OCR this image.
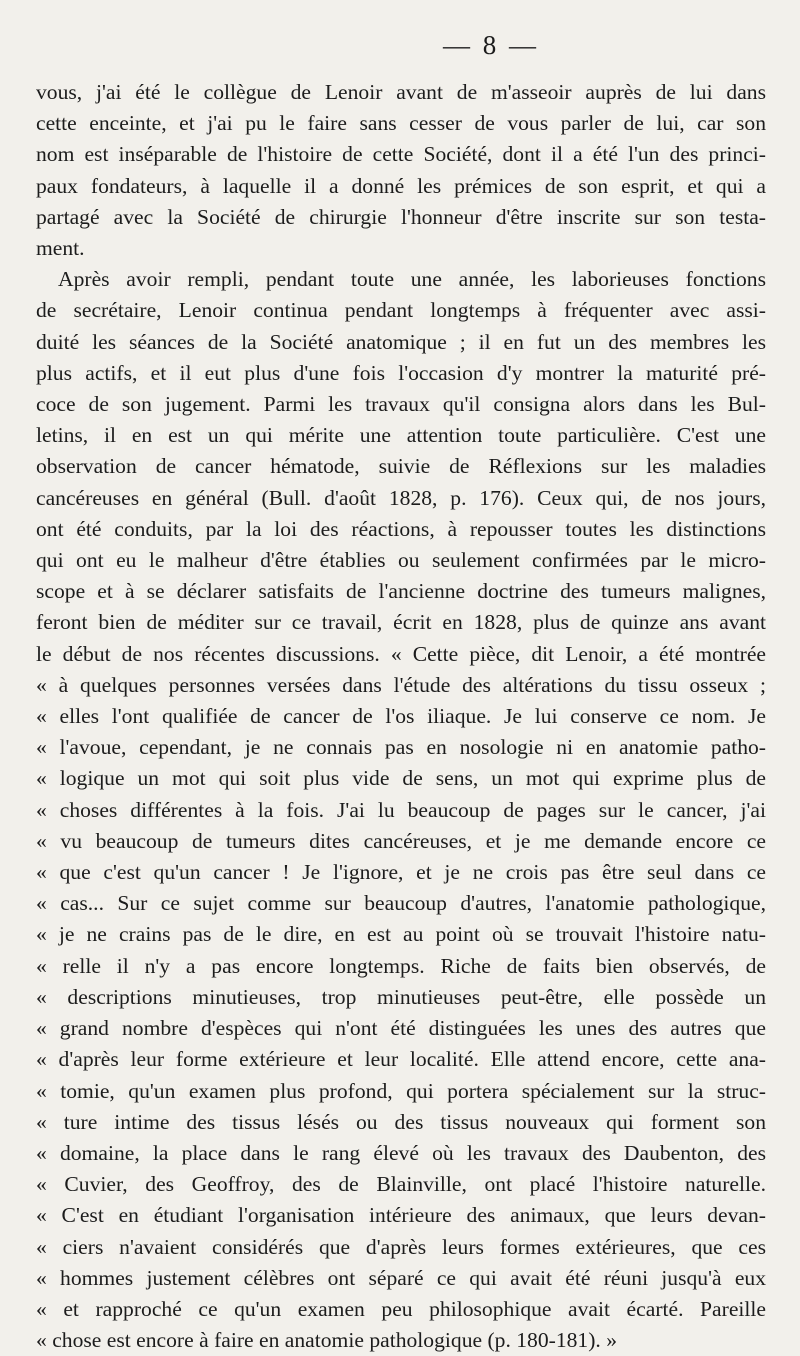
— 8 —
vous, j'ai été le collègue de Lenoir avant de m'asseoir auprès de lui dans
cette enceinte, et j'ai pu le faire sans cesser de vous parler de lui, car son
nom est inséparable de l'histoire de cette Société, dont il a été l'un des princi-
paux fondateurs, à laquelle il a donné les prémices de son esprit, et qui a
partagé avec la Société de chirurgie l'honneur d'être inscrite sur son testa-
ment.
Après avoir rempli, pendant toute une année, les laborieuses fonctions
de secrétaire, Lenoir continua pendant longtemps à fréquenter avec assi-
duité les séances de la Société anatomique ; il en fut un des membres les
plus actifs, et il eut plus d'une fois l'occasion d'y montrer la maturité pré-
coce de son jugement. Parmi les travaux qu'il consigna alors dans les Bul-
letins, il en est un qui mérite une attention toute particulière. C'est une
observation de cancer hématode, suivie de Réflexions sur les maladies
cancéreuses en général (Bull. d'août 1828, p. 176). Ceux qui, de nos jours,
ont été conduits, par la loi des réactions, à repousser toutes les distinctions
qui ont eu le malheur d'être établies ou seulement confirmées par le micro-
scope et à se déclarer satisfaits de l'ancienne doctrine des tumeurs malignes,
feront bien de méditer sur ce travail, écrit en 1828, plus de quinze ans avant
le début de nos récentes discussions. « Cette pièce, dit Lenoir, a été montrée
« à quelques personnes versées dans l'étude des altérations du tissu osseux ;
« elles l'ont qualifiée de cancer de l'os iliaque. Je lui conserve ce nom. Je
« l'avoue, cependant, je ne connais pas en nosologie ni en anatomie patho-
« logique un mot qui soit plus vide de sens, un mot qui exprime plus de
« choses différentes à la fois. J'ai lu beaucoup de pages sur le cancer, j'ai
« vu beaucoup de tumeurs dites cancéreuses, et je me demande encore ce
« que c'est qu'un cancer ! Je l'ignore, et je ne crois pas être seul dans ce
« cas... Sur ce sujet comme sur beaucoup d'autres, l'anatomie pathologique,
« je ne crains pas de le dire, en est au point où se trouvait l'histoire natu-
« relle il n'y a pas encore longtemps. Riche de faits bien observés, de
« descriptions minutieuses, trop minutieuses peut-être, elle possède un
« grand nombre d'espèces qui n'ont été distinguées les unes des autres que
« d'après leur forme extérieure et leur localité. Elle attend encore, cette ana-
« tomie, qu'un examen plus profond, qui portera spécialement sur la struc-
« ture intime des tissus lésés ou des tissus nouveaux qui forment son
« domaine, la place dans le rang élevé où les travaux des Daubenton, des
« Cuvier, des Geoffroy, des de Blainville, ont placé l'histoire naturelle.
« C'est en étudiant l'organisation intérieure des animaux, que leurs devan-
« ciers n'avaient considérés que d'après leurs formes extérieures, que ces
« hommes justement célèbres ont séparé ce qui avait été réuni jusqu'à eux
« et rapproché ce qu'un examen peu philosophique avait écarté. Pareille
« chose est encore à faire en anatomie pathologique (p. 180-181). »
